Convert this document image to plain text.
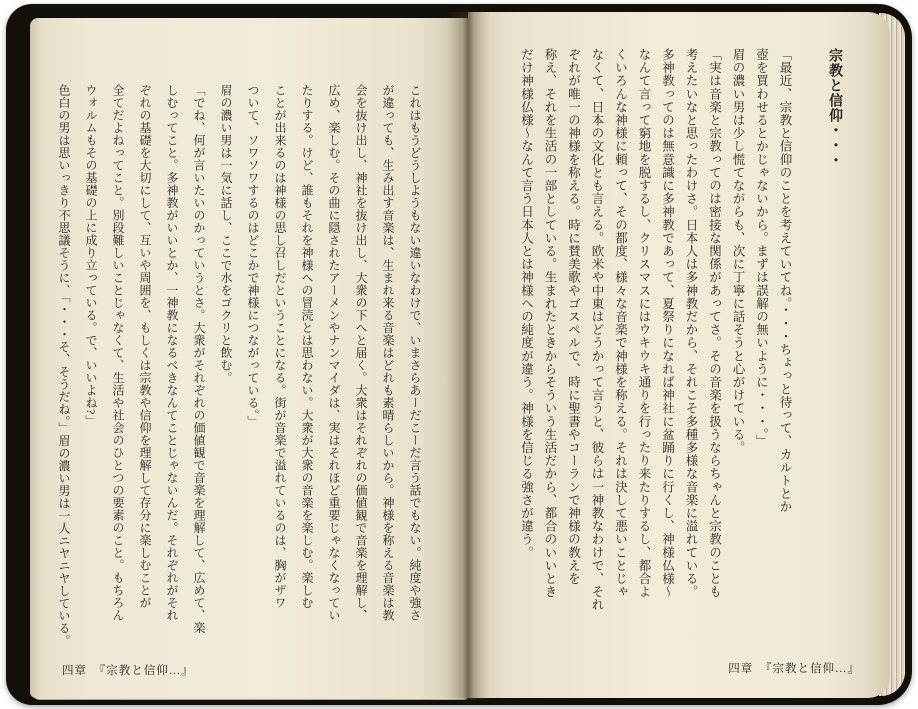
これはもうどうしようもない違いなわけで、いまさらあーだこーだ言う話でもない。純度や強さ

が違っても、生み出す音楽は、生まれ来る音楽はどれも素晴らしいから。神様を称える音楽は教

会を抜け出し、神社を抜け出し、大衆の下へと届く。大衆はそれぞれの価値観で音楽を理解し、

広め、楽しむ。その曲に隠されたアーメンやナンマイダは、実はそれほど重要じゃなくなってい

たりする。けど、誰もそれを神様への冒涜とは思わない。大衆が大衆の音楽を楽しむ。楽しむ

ことが出来るのは神様の思し召しだということになる。街が音楽で溢れているのは、胸がザワ

ついて、ソワソワするのはどこかで神様につながっている。」

眉の濃い男は一気に話し、ここで水をゴクリと飲む。

「でね、何が言いたいのかっていうとさ。大衆がそれぞれの価値観で音楽を理解して、広めて、楽

しむってこと。多神教がいいとか、一神教になるべきなんてことじゃないんだ。それぞれがそれ

ぞれの基礎を大切にして、互いや周囲を、もしくは宗教や信仰を理解して存分に楽しむことが

全てだよねってこと。別段難しいことじゃなくて、生活や社会のひとつの要素のこと。もちろん

ウォルムもその基礎の上に成り立っている。で、いいよね?」

色白の男は思いっきり不思議そうに、「・・・そ、そうだね。」眉の濃い男は一人ニヤニヤしている。

四章　『宗教と信仰…』
宗教と信仰・・・

「最近、宗教と信仰のことを考えていてね。・・・ちょっと待って、カルトとか

壺を買わせるとかじゃないから。まずは誤解の無いように・・・。」

眉の濃い男は少し慌てながらも、次に丁寧に話そうと心がけている。

「実は音楽と宗教ってのは密接な関係があってさ。その音楽を扱うならちゃんと宗教のことも

考えたいなと思ったわけさ。日本人は多神教だから、それこそ多種多様な音楽に溢れている。

多神教ってのは無意識に多神教であって、夏祭りになれば神社に盆踊りに行くし、神様仏様〜

なんて言って窮地を脱するし、クリスマスにはウキウキ通りを行ったり来たりするし、都合よ

くいろんな神様に頼って、その都度、様々な音楽で神様を称える。それは決して悪いことじゃ

なくて、日本の文化とも言える。欧米や中東はどうかって言うと、彼らは一神教なわけで、それ

ぞれが唯一の神様を称える。時に賛美歌やゴスペルで、時に聖書やコーランで神様の教えを

称え、それを生活の一部としている。生まれたときからそういう生活だから、都合のいいとき

だけ神様仏様〜なんて言う日本人とは神様への純度が違う。神様を信じる強さが違う。

四章　『宗教と信仰…』
